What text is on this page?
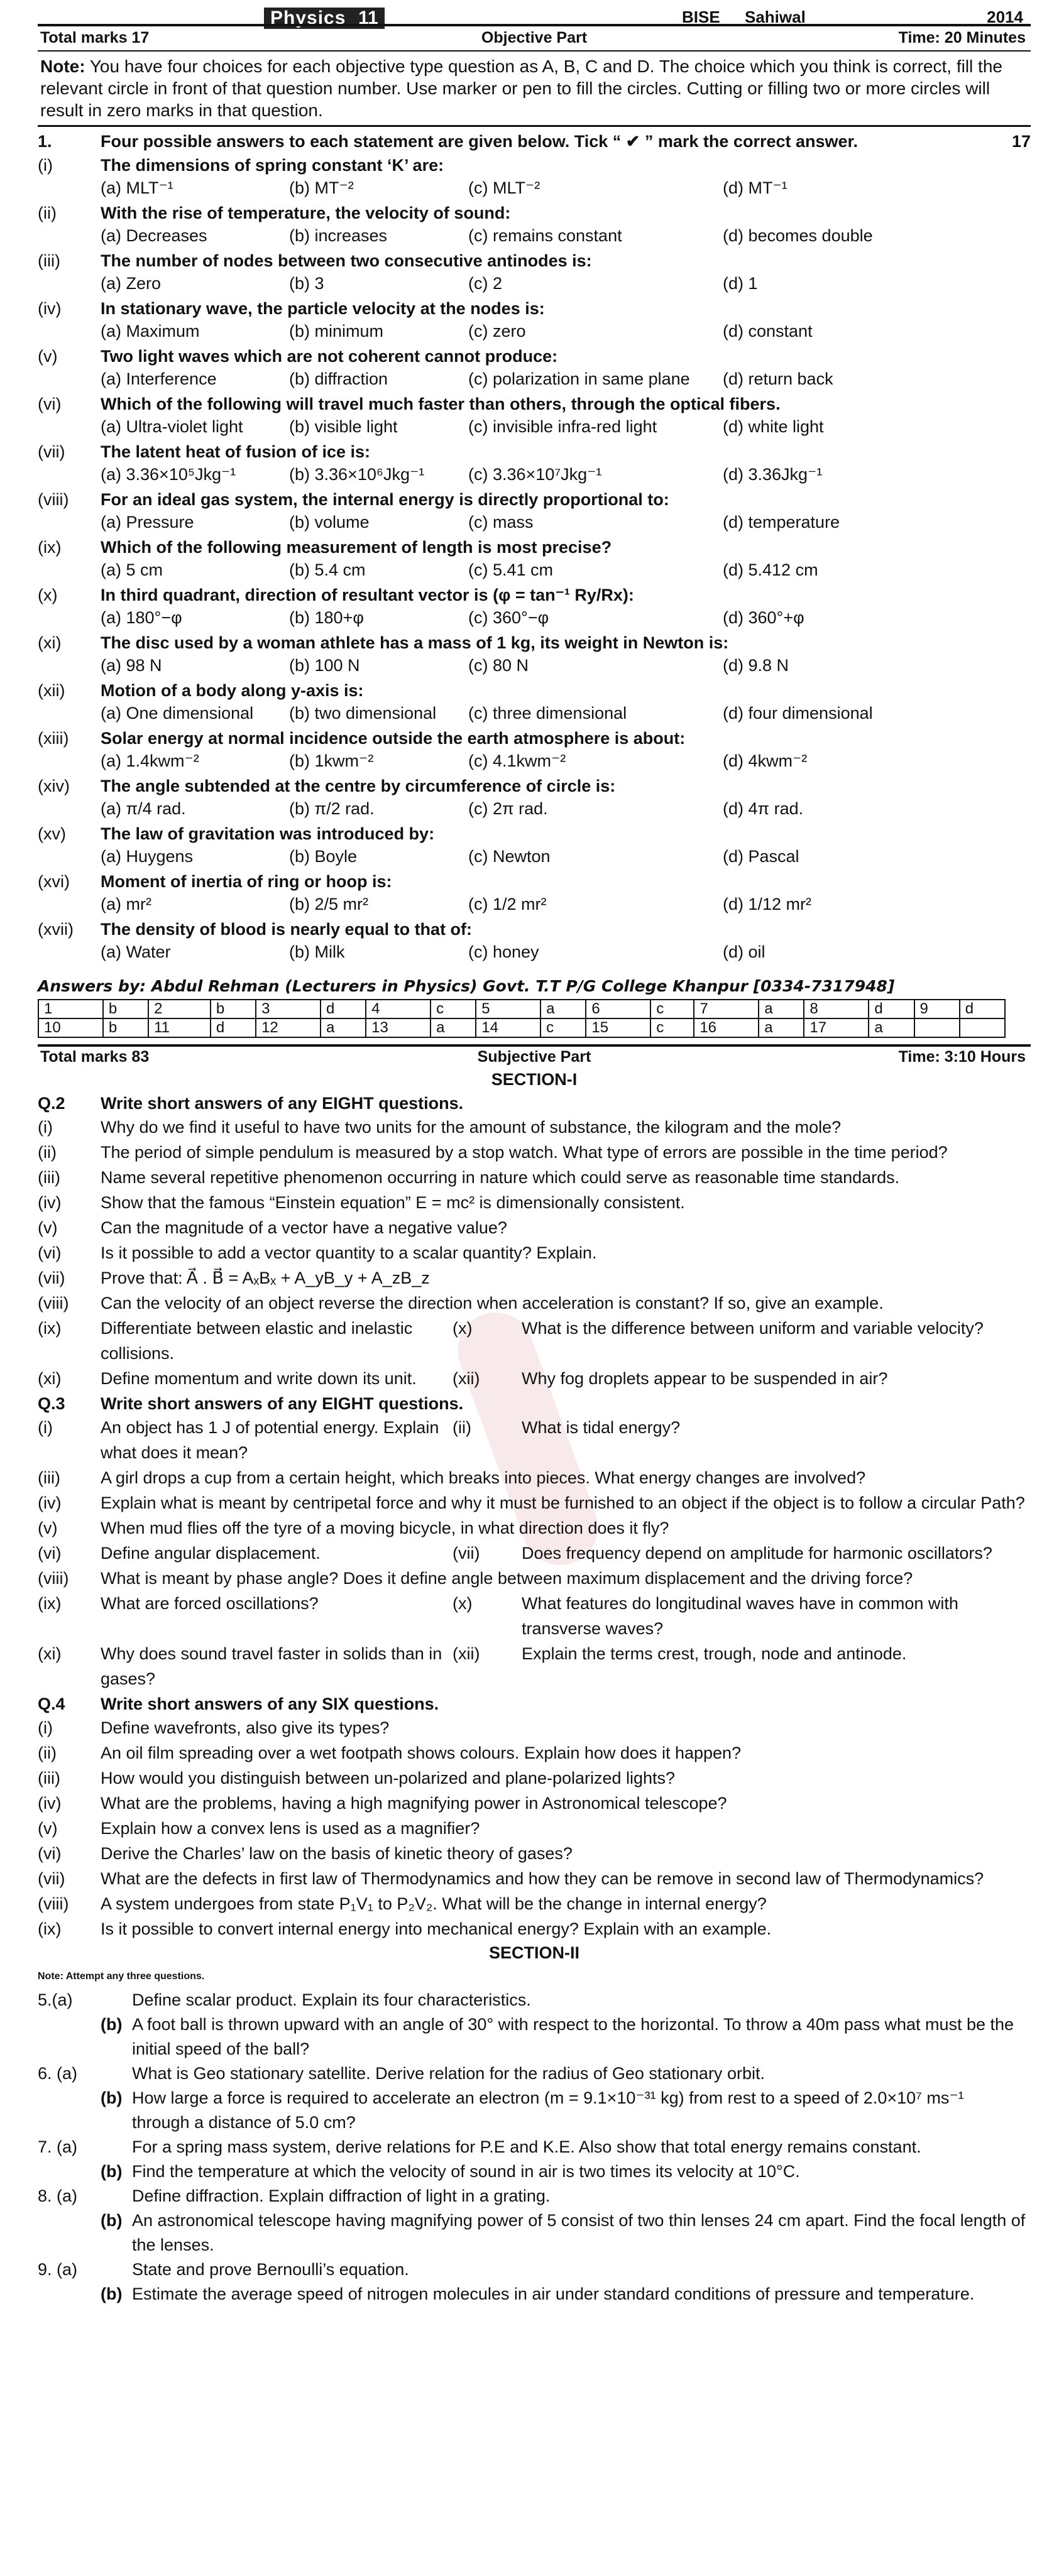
Physics 11	BISE Sahiwal	2014
Total marks 17	Objective Part	Time: 20 Minutes
Note: You have four choices for each objective type question as A, B, C and D. The choice which you think is correct, fill the relevant circle in front of that question number. Use marker or pen to fill the circles. Cutting or filling two or more circles will result in zero marks in that question.
1.	Four possible answers to each statement are given below. Tick “ ✔ ” mark the correct answer.	17
(i)	The dimensions of spring constant ‘K’ are:
(a) MLT⁻¹	(b) MT⁻²	(c) MLT⁻²	(d) MT⁻¹
(ii)	With the rise of temperature, the velocity of sound:
(a) Decreases	(b) increases	(c) remains constant	(d) becomes double
(iii)	The number of nodes between two consecutive antinodes is:
(a) Zero	(b) 3	(c) 2	(d) 1
(iv)	In stationary wave, the particle velocity at the nodes is:
(a) Maximum	(b) minimum	(c) zero	(d) constant
(v)	Two light waves which are not coherent cannot produce:
(a) Interference	(b) diffraction	(c) polarization in same plane	(d) return back
(vi)	Which of the following will travel much faster than others, through the optical fibers.
(a) Ultra-violet light	(b) visible light	(c) invisible infra-red light	(d) white light
(vii)	The latent heat of fusion of ice is:
(a) 3.36×10⁵Jkg⁻¹	(b) 3.36×10⁶Jkg⁻¹	(c) 3.36×10⁷Jkg⁻¹	(d) 3.36Jkg⁻¹
(viii)	For an ideal gas system, the internal energy is directly proportional to:
(a) Pressure	(b) volume	(c) mass	(d) temperature
(ix)	Which of the following measurement of length is most precise?
(a) 5 cm	(b) 5.4 cm	(c) 5.41 cm	(d) 5.412 cm
(x)	In third quadrant, direction of resultant vector is (φ = tan⁻¹ Ry/Rx):
(a) 180°−φ	(b) 180+φ	(c) 360°−φ	(d) 360°+φ
(xi)	The disc used by a woman athlete has a mass of 1 kg, its weight in Newton is:
(a) 98 N	(b) 100 N	(c) 80 N	(d) 9.8 N
(xii)	Motion of a body along y-axis is:
(a) One dimensional	(b) two dimensional	(c) three dimensional	(d) four dimensional
(xiii)	Solar energy at normal incidence outside the earth atmosphere is about:
(a) 1.4kwm⁻²	(b) 1kwm⁻²	(c) 4.1kwm⁻²	(d) 4kwm⁻²
(xiv)	The angle subtended at the centre by circumference of circle is:
(a) π/4 rad.	(b) π/2 rad.	(c) 2π rad.	(d) 4π rad.
(xv)	The law of gravitation was introduced by:
(a) Huygens	(b) Boyle	(c) Newton	(d) Pascal
(xvi)	Moment of inertia of ring or hoop is:
(a) mr²	(b) 2/5 mr²	(c) 1/2 mr²	(d) 1/12 mr²
(xvii)	The density of blood is nearly equal to that of:
(a) Water	(b) Milk	(c) honey	(d) oil
Answers by: Abdul Rehman (Lecturers in Physics) Govt. T.T P/G College Khanpur [0334-7317948]
1	b	2	b	3	d	4	c	5	a	6	c	7	a	8	d	9	d
10	b	11	d	12	a	13	a	14	c	15	c	16	a	17	a		
Total marks 83	Subjective Part	Time: 3:10 Hours
SECTION-I
Q.2	Write short answers of any EIGHT questions.
(i)	Why do we find it useful to have two units for the amount of substance, the kilogram and the mole?
(ii)	The period of simple pendulum is measured by a stop watch. What type of errors are possible in the time period?
(iii)	Name several repetitive phenomenon occurring in nature which could serve as reasonable time standards.
(iv)	Show that the famous “Einstein equation” E = mc² is dimensionally consistent.
(v)	Can the magnitude of a vector have a negative value?
(vi)	Is it possible to add a vector quantity to a scalar quantity? Explain.
(vii)	Prove that: A⃗ . B⃗ = AₓBₓ + A_yB_y + A_zB_z
(viii)	Can the velocity of an object reverse the direction when acceleration is constant? If so, give an example.
(ix)	Differentiate between elastic and inelastic collisions.
(x)	What is the difference between uniform and variable velocity?
(xi)	Define momentum and write down its unit.	(xii)	Why fog droplets appear to be suspended in air?
Q.3	Write short answers of any EIGHT questions.
(i)	An object has 1 J of potential energy. Explain what does it mean?
(ii)	What is tidal energy?
(iii)	A girl drops a cup from a certain height, which breaks into pieces. What energy changes are involved?
(iv)	Explain what is meant by centripetal force and why it must be furnished to an object if the object is to follow a circular Path?
(v)	When mud flies off the tyre of a moving bicycle, in what direction does it fly?
(vi)	Define angular displacement.	(vii)	Does frequency depend on amplitude for harmonic oscillators?
(viii)	What is meant by phase angle? Does it define angle between maximum displacement and the driving force?
(ix)	What are forced oscillations?	(x)	What features do longitudinal waves have in common with transverse waves?
(xi)	Why does sound travel faster in solids than in gases?
(xii)	Explain the terms crest, trough, node and antinode.
Q.4	Write short answers of any SIX questions.
(i)	Define wavefronts, also give its types?
(ii)	An oil film spreading over a wet footpath shows colours. Explain how does it happen?
(iii)	How would you distinguish between un-polarized and plane-polarized lights?
(iv)	What are the problems, having a high magnifying power in Astronomical telescope?
(v)	Explain how a convex lens is used as a magnifier?
(vi)	Derive the Charles’ law on the basis of kinetic theory of gases?
(vii)	What are the defects in first law of Thermodynamics and how they can be remove in second law of Thermodynamics?
(viii)	A system undergoes from state P₁V₁ to P₂V₂. What will be the change in internal energy?
(ix)	Is it possible to convert internal energy into mechanical energy? Explain with an example.
SECTION-II
Note: Attempt any three questions.
5.(a)	Define scalar product. Explain its four characteristics.
(b) A foot ball is thrown upward with an angle of 30° with respect to the horizontal. To throw a 40m pass what must be the
initial speed of the ball?
6. (a)	What is Geo stationary satellite. Derive relation for the radius of Geo stationary orbit.
(b) How large a force is required to accelerate an electron (m = 9.1×10⁻³¹ kg) from rest to a speed of 2.0×10⁷ ms⁻¹
through a distance of 5.0 cm?
7. (a)	For a spring mass system, derive relations for P.E and K.E. Also show that total energy remains constant.
(b) Find the temperature at which the velocity of sound in air is two times its velocity at 10°C.
8. (a)	Define diffraction. Explain diffraction of light in a grating.
(b) An astronomical telescope having magnifying power of 5 consist of two thin lenses 24 cm apart. Find the focal length of
the lenses.
9. (a)	State and prove Bernoulli’s equation.
(b) Estimate the average speed of nitrogen molecules in air under standard conditions of pressure and temperature.
